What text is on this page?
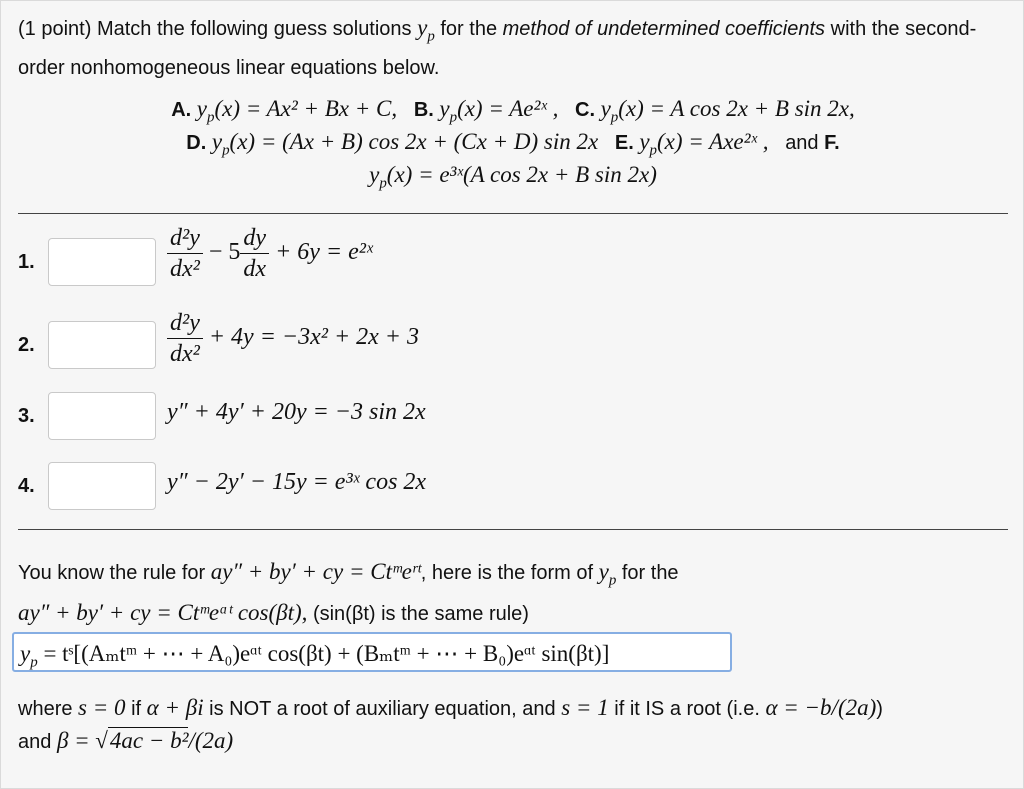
(1 point) Match the following guess solutions $y_p$ for the method of undetermined coefficients with the second-order nonhomogeneous linear equations below.
A. $y_p(x) = Ax^2 + Bx + C$, B. $y_p(x)$ = Ae²ˣ , C. $y_p(x) = A$ cos 2x + B sin 2x,
D. $y_p(x) = (Ax + B)$ cos 2x + (Cx + D) sin 2x E. $y_p(x)$ = Axe²ˣ , and F.
$y_p(x)$ = e³ˣ(A cos 2x + B sin 2x)
1.	$\frac{\text{d²y}}{\text{dx²}} - 5 \frac{dy}{dx} + 6y$ = e²ˣ
2.	$\frac{\text{d²y}}{\text{dx²}} + 4y = -3x^2 + 2x + 3$
3.	y″ + 4y′ + 20y = −3 sin 2x
4.	y″ − 2y′ − 15y = e³ˣ cos 2x
You know the rule for ay″ + by′ + cy = Ctᵐeʳᵗ, here is the form of $y_p$ for the
ay″ + by′ + cy = Ctᵐeᵅᵗ cos(βt), (sin(βt) is the same rule)
$y_p$ = tˢ[(Aₘtᵐ + ⋯ + A₀)eᵅᵗ cos(βt) + (Bₘtᵐ + ⋯ + B₀)eᵅᵗ sin(βt)]
where s = 0 if α + βi is NOT a root of auxiliary equation, and s = 1 if it IS a root (i.e. α = −b/(2a))
and β = √4ac − b²/(2a)
